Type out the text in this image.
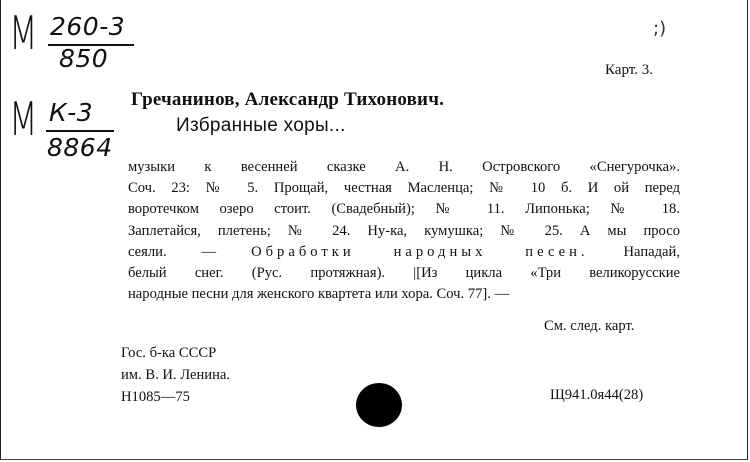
М 260-3
850
М К-3
8864
;)
Карт. 3.
Гречанинов, Александр Тихонович.
Избранные хоры...
музыки к весенней сказке А. Н. Островского «Снегурочка».
Соч. 23: № 5. Прощай, честная Масленца; № 10 б. И ой перед
воротечком озеро стоит. (Свадебный); № 11. Липонька; № 18.
Заплетайся, плетень; № 24. Ну-ка, кумушка; № 25. А мы просо
сеяли. — Обработки народных песен. Нападай,
белый снег. (Рус. протяжная). |[Из цикла «Три великорусские
народные песни для женского квартета или хора. Соч. 77]. —
См. след. карт.
Гос. б-ка СССР
им. В. И. Ленина.
Н1085—75	Щ941.0я44(28)
